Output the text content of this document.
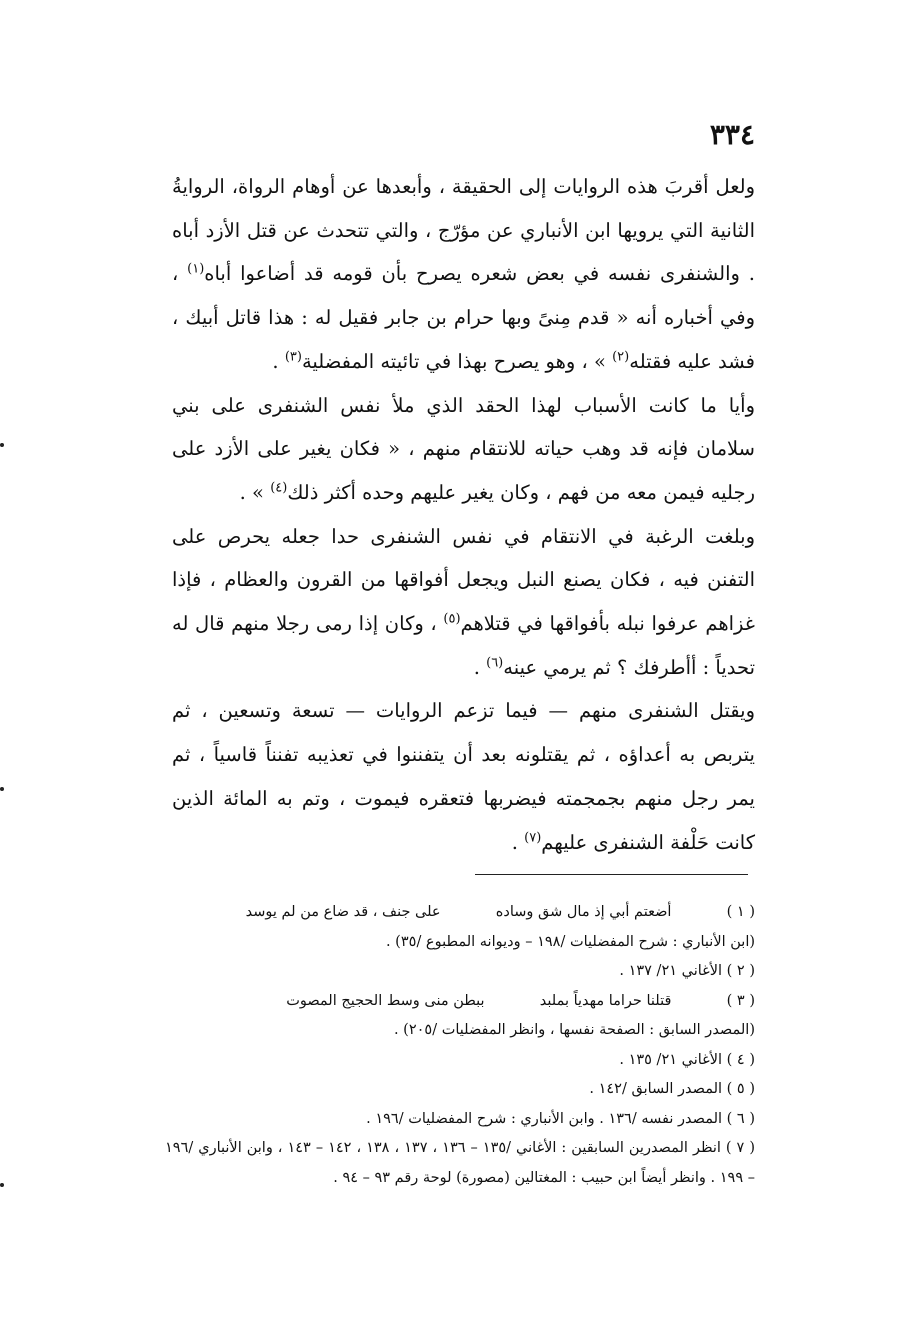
٣٣٤

ولعل أقربَ هذه الروايات إلى الحقيقة ، وأبعدها عن أوهام الرواة، الروايةُ الثانية التي يرويها ابن الأنباري عن مؤرّج ، والتي تتحدث عن قتل الأزد أباه . والشنفرى نفسه في بعض شعره يصرح بأن قومه قد أضاعوا أباه$^{(١)}$ ، وفي أخباره أنه « قدم مِنىً وبها حرام بن جابر فقيل له : هذا قاتل أبيك ، فشد عليه فقتله$^{(٢)}$ » ، وهو يصرح بهذا في تائيته المفضلية$^{(٣)}$ .

وأيا ما كانت الأسباب لهذا الحقد الذي ملأ نفس الشنفرى على بني سلامان فإنه قد وهب حياته للانتقام منهم ، « فكان يغير على الأزد على رجليه فيمن معه من فهم ، وكان يغير عليهم وحده أكثر ذلك$^{(٤)}$ » .

وبلغت الرغبة في الانتقام في نفس الشنفرى حدا جعله يحرص على التفنن فيه ، فكان يصنع النبل ويجعل أفواقها من القرون والعظام ، فإذا غزاهم عرفوا نبله بأفواقها في قتلاهم$^{(٥)}$ ، وكان إذا رمى رجلا منهم قال له تحدياً : أأطرفك ؟ ثم يرمي عينه$^{(٦)}$ .

ويقتل الشنفرى منهم — فيما تزعم الروايات — تسعة وتسعين ، ثم يتربص به أعداؤه ، ثم يقتلونه بعد أن يتفننوا في تعذيبه تفنناً قاسياً ، ثم يمر رجل منهم بجمجمته فيضربها فتعقره فيموت ، وتم به المائة الذين كانت حَلْفة الشنفرى عليهم$^{(٧)}$ .

( ١ )  أضعتم أبي إذ مال شق وساده  على جنف ، قد ضاع من لم يوسد
(ابن الأنباري : شرح المفضليات /١٩٨ – وديوانه المطبوع /٣٥) .
( ٢ ) الأغاني ٢١/ ١٣٧ .
( ٣ )  قتلنا حراما مهدياً بملبد  ببطن منى وسط الحجيج المصوت
(المصدر السابق : الصفحة نفسها ، وانظر المفضليات /٢٠٥) .
( ٤ ) الأغاني ٢١/ ١٣٥ .
( ٥ ) المصدر السابق /١٤٢ .
( ٦ ) المصدر نفسه /١٣٦ . وابن الأنباري : شرح المفضليات /١٩٦ .
( ٧ ) انظر المصدرين السابقين : الأغاني /١٣٥ – ١٣٦ ، ١٣٧ ، ١٣٨ ، ١٤٢ – ١٤٣ ، وابن الأنباري /١٩٦ – ١٩٩ . وانظر أيضاً ابن حبيب : المغتالين (مصورة) لوحة رقم ٩٣ – ٩٤ .
